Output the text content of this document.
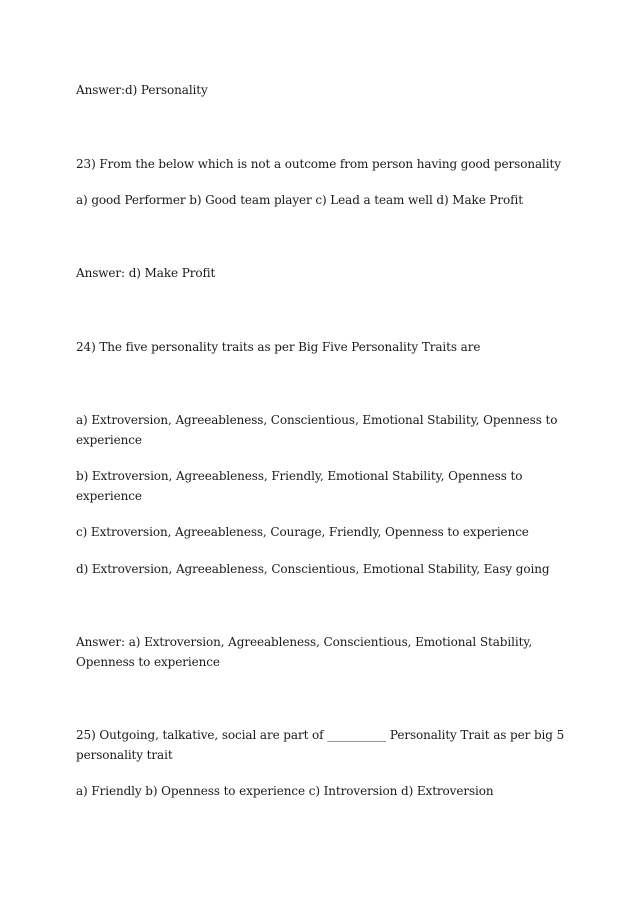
Answer:d) Personality
23) From the below which is not a outcome from person having good personality
a) good Performer b) Good team player c) Lead a team well d) Make Profit
Answer: d) Make Profit
24) The five personality traits as per Big Five Personality Traits are
a) Extroversion, Agreeableness, Conscientious, Emotional Stability, Openness to
experience
b) Extroversion, Agreeableness, Friendly, Emotional Stability, Openness to
experience
c) Extroversion, Agreeableness, Courage, Friendly, Openness to experience
d) Extroversion, Agreeableness, Conscientious, Emotional Stability, Easy going
Answer: a) Extroversion, Agreeableness, Conscientious, Emotional Stability,
Openness to experience
25) Outgoing, talkative, social are part of __________ Personality Trait as per big 5
personality trait
a) Friendly b) Openness to experience c) Introversion d) Extroversion
